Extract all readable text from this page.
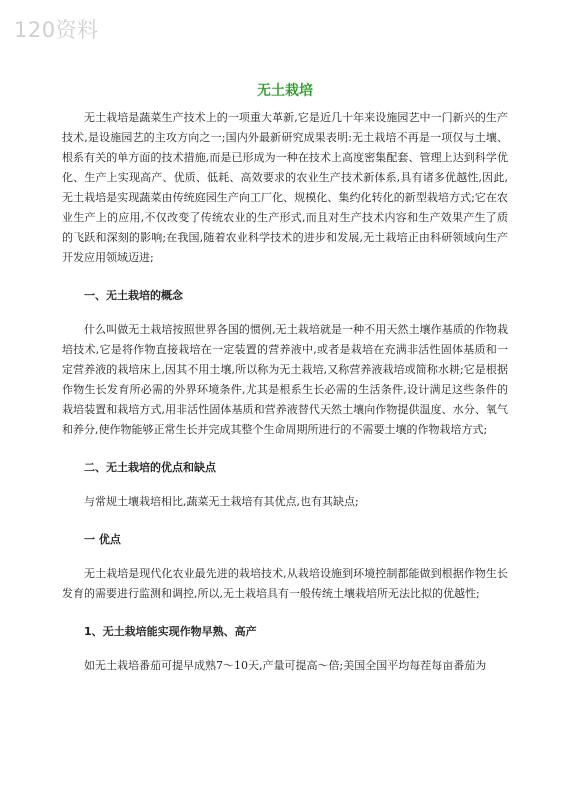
120资料
无土栽培

无土栽培是蔬菜生产技术上的一项重大革新,它是近几十年来设施园艺中一门新兴的生产技术,是设施园艺的主攻方向之一;国内外最新研究成果表明:无土栽培不再是一项仅与土壤、根系有关的单方面的技术措施,而是已形成为一种在技术上高度密集配套、管理上达到科学优化、生产上实现高产、优质、低耗、高效要求的农业生产技术新体系,具有诸多优越性,因此,无土栽培是实现蔬菜由传统庭园生产向工厂化、规模化、集约化转化的新型栽培方式;它在农业生产上的应用,不仅改变了传统农业的生产形式,而且对生产技术内容和生产效果产生了质的飞跃和深刻的影响;在我国,随着农业科学技术的进步和发展,无土栽培正由科研领域向生产开发应用领域迈进;

一、无土栽培的概念

什么叫做无土栽培按照世界各国的惯例,无土栽培就是一种不用天然土壤作基质的作物栽培技术,它是将作物直接栽培在一定装置的营养液中,或者是栽培在充满非活性固体基质和一定营养液的栽培床上,因其不用土壤,所以称为无土栽培,又称营养液栽培或简称水耕;它是根据作物生长发育所必需的外界环境条件,尤其是根系生长必需的生活条件,设计满足这些条件的栽培装置和栽培方式,用非活性固体基质和营养液替代天然土壤向作物提供温度、水分、氧气和养分,使作物能够正常生长并完成其整个生命周期所进行的不需要土壤的作物栽培方式;

二、无土栽培的优点和缺点

与常规土壤栽培相比,蔬菜无土栽培有其优点,也有其缺点;

一 优点

无土栽培是现代化农业最先进的栽培技术,从栽培设施到环境控制都能做到根据作物生长发育的需要进行监测和调控,所以,无土栽培具有一般传统土壤栽培所无法比拟的优越性;

1、无土栽培能实现作物早熟、高产

如无土栽培番茄可提早成熟7～10天,产量可提高～倍;美国全国平均每茬每亩番茄为
